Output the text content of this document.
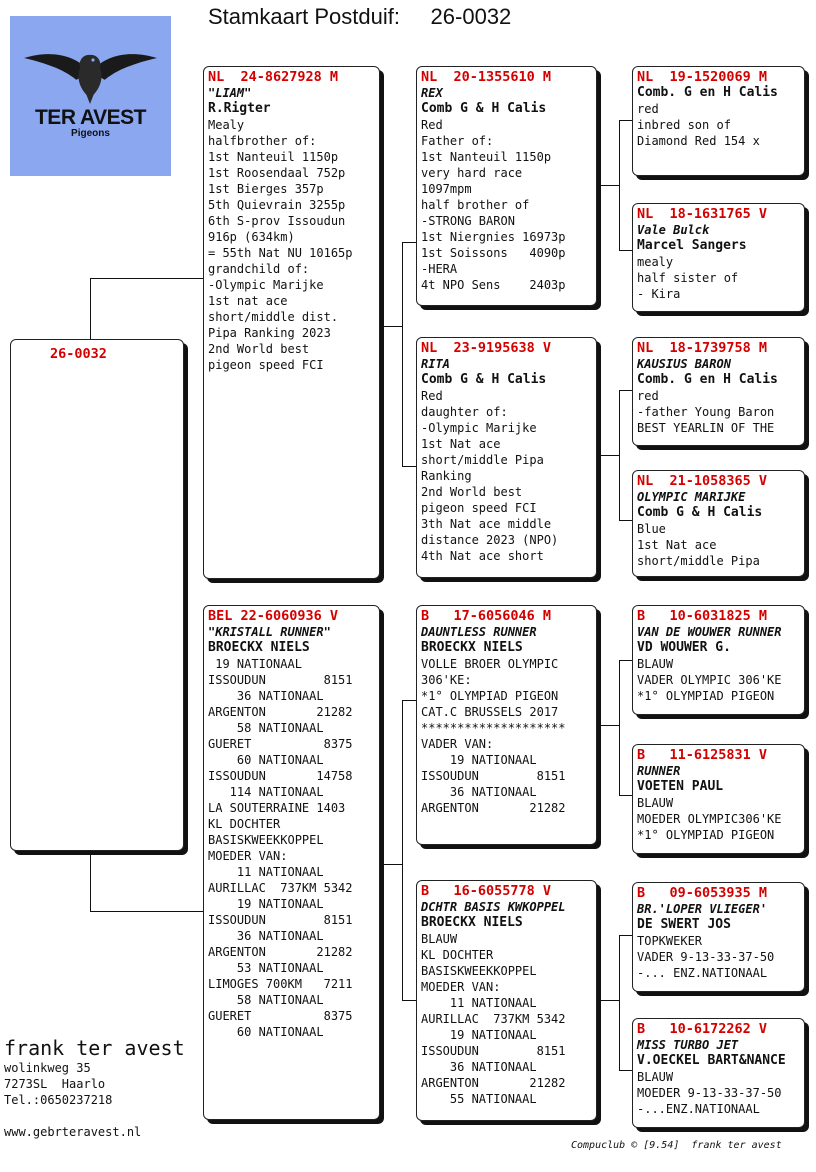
Stamkaart Postduif: 26-0032
TER AVEST
Pigeons
26-0032
NL  24-8627928 M
"LIAM"
R.Rigter
Mealy
halfbrother of:
1st Nanteuil 1150p
1st Roosendaal 752p
1st Bierges 357p
5th Quievrain 3255p
6th S-prov Issoudun
916p (634km)
= 55th Nat NU 10165p
grandchild of:
-Olympic Marijke
1st nat ace
short/middle dist.
Pipa Ranking 2023
2nd World best
pigeon speed FCI
BEL 22-6060936 V
"KRISTALL RUNNER"
BROECKX NIELS
19 NATIONAAL
ISSOUDUN        8151
36 NATIONAAL
ARGENTON       21282
58 NATIONAAL
GUERET          8375
60 NATIONAAL
ISSOUDUN       14758
114 NATIONAAL
LA SOUTERRAINE 1403
KL DOCHTER
BASISKWEEKKOPPEL
MOEDER VAN:
11 NATIONAAL
AURILLAC  737KM 5342
19 NATIONAAL
ISSOUDUN        8151
36 NATIONAAL
ARGENTON       21282
53 NATIONAAL
LIMOGES 700KM   7211
58 NATIONAAL
GUERET          8375
60 NATIONAAL
NL  20-1355610 M
REX
Comb G & H Calis
Red
Father of:
1st Nanteuil 1150p
very hard race
1097mpm
half brother of
-STRONG BARON
1st Niergnies 16973p
1st Soissons   4090p
-HERA
4t NPO Sens    2403p
NL  23-9195638 V
RITA
Comb G & H Calis
Red
daughter of:
-Olympic Marijke
1st Nat ace
short/middle Pipa
Ranking
2nd World best
pigeon speed FCI
3th Nat ace middle
distance 2023 (NPO)
4th Nat ace short
B   17-6056046 M
DAUNTLESS RUNNER
BROECKX NIELS
VOLLE BROER OLYMPIC
306'KE:
*1° OLYMPIAD PIGEON
CAT.C BRUSSELS 2017
********************
VADER VAN:
19 NATIONAAL
ISSOUDUN        8151
36 NATIONAAL
ARGENTON       21282
B   16-6055778 V
DCHTR BASIS KWKOPPEL
BROECKX NIELS
BLAUW
KL DOCHTER
BASISKWEEKKOPPEL
MOEDER VAN:
11 NATIONAAL
AURILLAC  737KM 5342
19 NATIONAAL
ISSOUDUN        8151
36 NATIONAAL
ARGENTON       21282
55 NATIONAAL
NL  19-1520069 M
Comb. G en H Calis
red
inbred son of
Diamond Red 154 x
NL  18-1631765 V
Vale Bulck
Marcel Sangers
mealy
half sister of
- Kira
NL  18-1739758 M
KAUSIUS BARON
Comb. G en H Calis
red
-father Young Baron
BEST YEARLIN OF THE
NL  21-1058365 V
OLYMPIC MARIJKE
Comb G & H Calis
Blue
1st Nat ace
short/middle Pipa
B   10-6031825 M
VAN DE WOUWER RUNNER
VD WOUWER G.
BLAUW
VADER OLYMPIC 306'KE
*1° OLYMPIAD PIGEON
B   11-6125831 V
RUNNER
VOETEN PAUL
BLAUW
MOEDER OLYMPIC306'KE
*1° OLYMPIAD PIGEON
B   09-6053935 M
BR.'LOPER VLIEGER'
DE SWERT JOS
TOPKWEKER
VADER 9-13-33-37-50
-... ENZ.NATIONAAL
B   10-6172262 V
MISS TURBO JET
V.OECKEL BART&NANCE
BLAUW
MOEDER 9-13-33-37-50
-...ENZ.NATIONAAL
frank ter avest
wolinkweg 35
7273SL  Haarlo
Tel.:0650237218
www.gebrteravest.nl
Compuclub © [9.54]  frank ter avest
